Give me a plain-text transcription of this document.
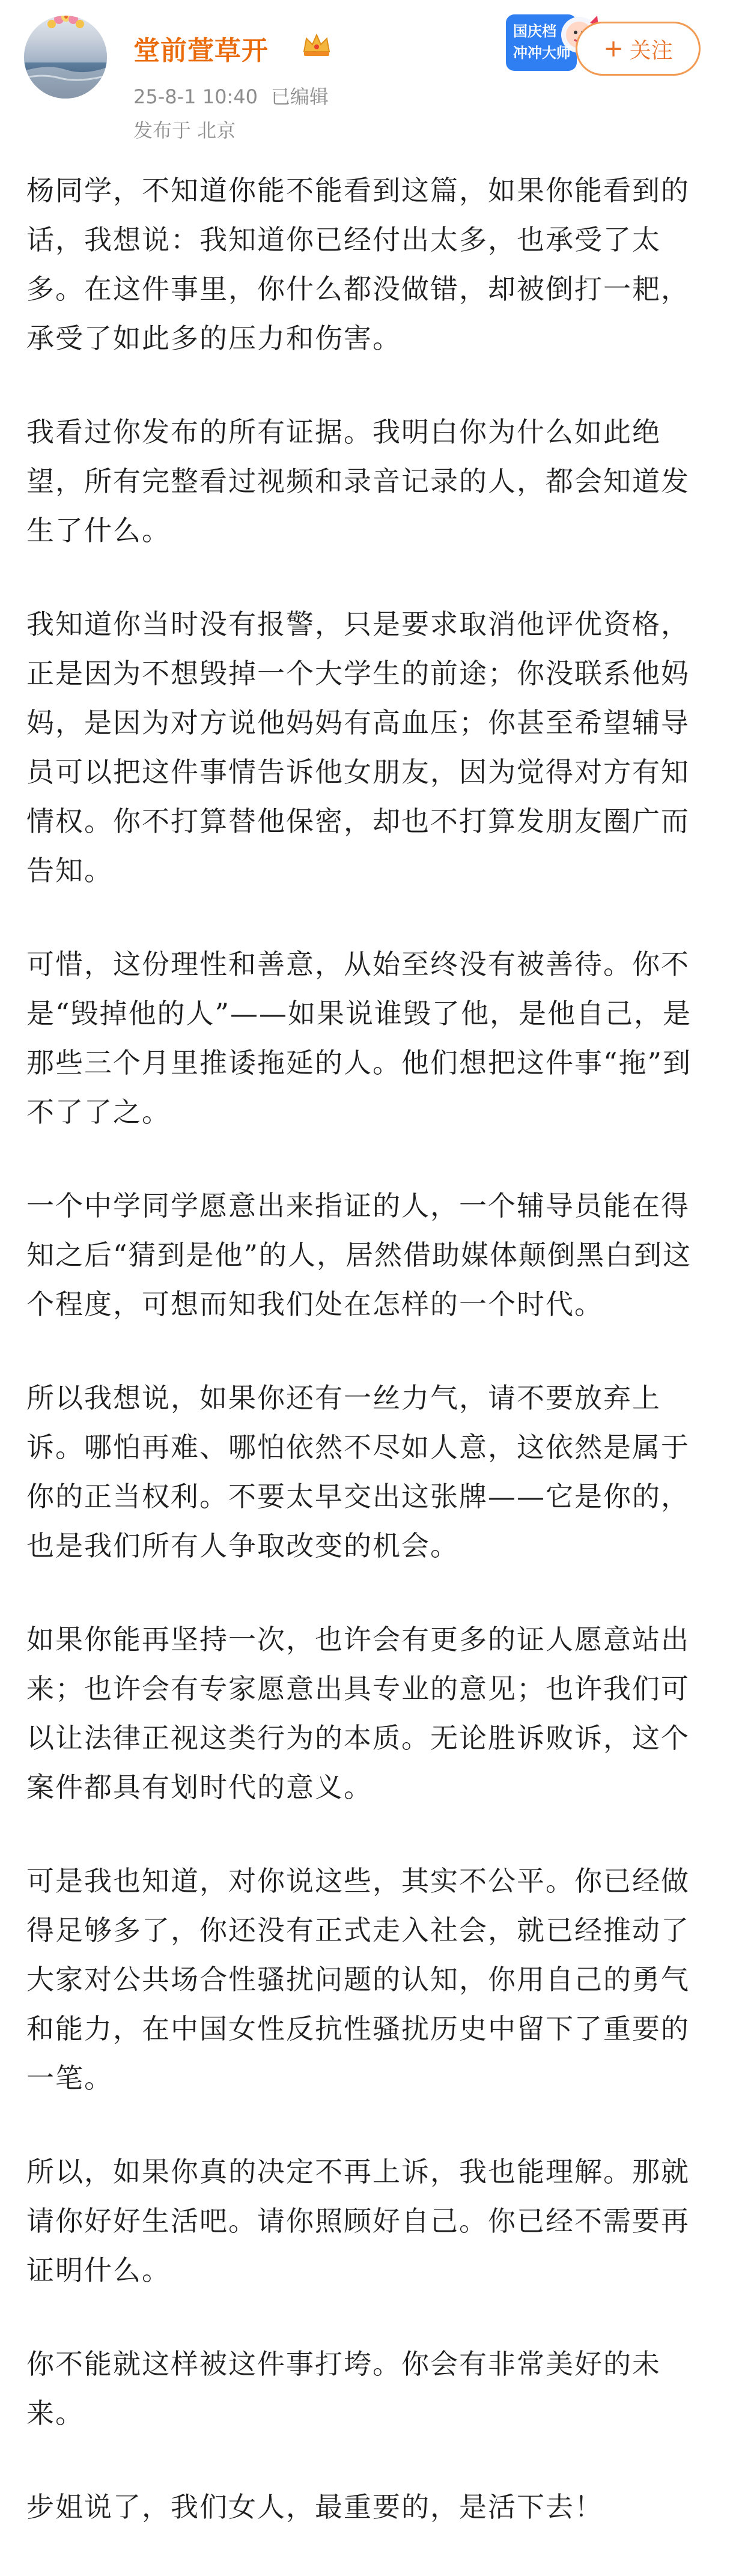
堂前萱草开
25-8-1 10:40 已编辑
发布于 北京
国庆档
冲冲大师 + 关注

杨同学，不知道你能不能看到这篇，如果你能看到的话，我想说：我知道你已经付出太多，也承受了太多。在这件事里，你什么都没做错，却被倒打一耙，承受了如此多的压力和伤害。

我看过你发布的所有证据。我明白你为什么如此绝望，所有完整看过视频和录音记录的人，都会知道发生了什么。

我知道你当时没有报警，只是要求取消他评优资格，正是因为不想毁掉一个大学生的前途；你没联系他妈妈，是因为对方说他妈妈有高血压；你甚至希望辅导员可以把这件事情告诉他女朋友，因为觉得对方有知情权。你不打算替他保密，却也不打算发朋友圈广而告知。

可惜，这份理性和善意，从始至终没有被善待。你不是“毁掉他的人”——如果说谁毁了他，是他自己，是那些三个月里推诿拖延的人。他们想把这件事“拖”到不了了之。

一个中学同学愿意出来指证的人，一个辅导员能在得知之后“猜到是他”的人，居然借助媒体颠倒黑白到这个程度，可想而知我们处在怎样的一个时代。

所以我想说，如果你还有一丝力气，请不要放弃上诉。哪怕再难、哪怕依然不尽如人意，这依然是属于你的正当权利。不要太早交出这张牌——它是你的，也是我们所有人争取改变的机会。

如果你能再坚持一次，也许会有更多的证人愿意站出来；也许会有专家愿意出具专业的意见；也许我们可以让法律正视这类行为的本质。无论胜诉败诉，这个案件都具有划时代的意义。

可是我也知道，对你说这些，其实不公平。你已经做得足够多了，你还没有正式走入社会，就已经推动了大家对公共场合性骚扰问题的认知，你用自己的勇气和能力，在中国女性反抗性骚扰历史中留下了重要的一笔。

所以，如果你真的决定不再上诉，我也能理解。那就请你好好生活吧。请你照顾好自己。你已经不需要再证明什么。

你不能就这样被这件事打垮。你会有非常美好的未来。

步姐说了，我们女人，最重要的，是活下去！
